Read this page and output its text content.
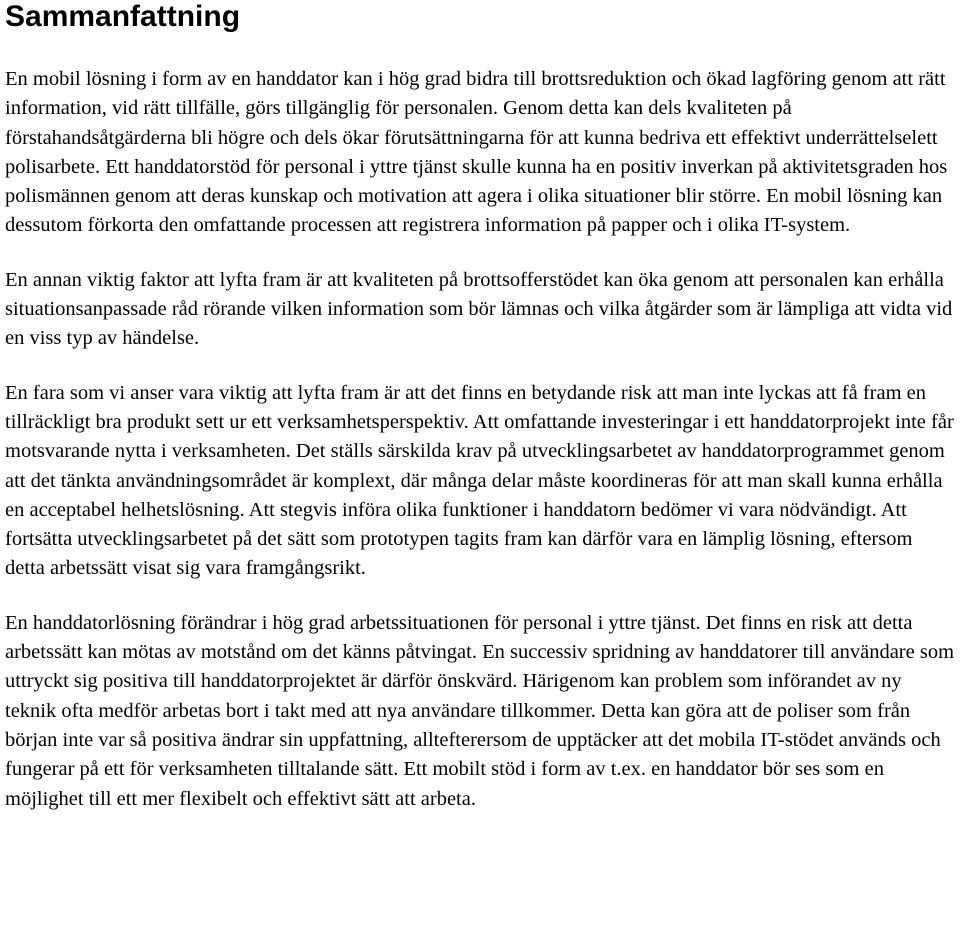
Sammanfattning

En mobil lösning i form av en handdator kan i hög grad bidra till brottsreduktion och ökad lagföring genom att rätt information, vid rätt tillfälle, görs tillgänglig för personalen. Genom detta kan dels kvaliteten på förstahandsåtgärderna bli högre och dels ökar förutsättningarna för att kunna bedriva ett effektivt underrättelselett polisarbete. Ett handdatorstöd för personal i yttre tjänst skulle kunna ha en positiv inverkan på aktivitetsgraden hos polismännen genom att deras kunskap och motivation att agera i olika situationer blir större. En mobil lösning kan dessutom förkorta den omfattande processen att registrera information på papper och i olika IT-system.

En annan viktig faktor att lyfta fram är att kvaliteten på brottsofferstödet kan öka genom att personalen kan erhålla situationsanpassade råd rörande vilken information som bör lämnas och vilka åtgärder som är lämpliga att vidta vid en viss typ av händelse.

En fara som vi anser vara viktig att lyfta fram är att det finns en betydande risk att man inte lyckas att få fram en tillräckligt bra produkt sett ur ett verksamhetsperspektiv. Att omfattande investeringar i ett handdatorprojekt inte får motsvarande nytta i verksamheten. Det ställs särskilda krav på utvecklingsarbetet av handdatorprogrammet genom att det tänkta användningsområdet är komplext, där många delar måste koordineras för att man skall kunna erhålla en acceptabel helhetslösning. Att stegvis införa olika funktioner i handdatorn bedömer vi vara nödvändigt. Att fortsätta utvecklingsarbetet på det sätt som prototypen tagits fram kan därför vara en lämplig lösning, eftersom detta arbetssätt visat sig vara framgångsrikt.

En handdatorlösning förändrar i hög grad arbetssituationen för personal i yttre tjänst. Det finns en risk att detta arbetssätt kan mötas av motstånd om det känns påtvingat. En successiv spridning av handdatorer till användare som uttryckt sig positiva till handdatorprojektet är därför önskvärd. Härigenom kan problem som införandet av ny teknik ofta medför arbetas bort i takt med att nya användare tillkommer. Detta kan göra att de poliser som från början inte var så positiva ändrar sin uppfattning, alltefterersom de upptäcker att det mobila IT-stödet används och fungerar på ett för verksamheten tilltalande sätt. Ett mobilt stöd i form av t.ex. en handdator bör ses som en möjlighet till ett mer flexibelt och effektivt sätt att arbeta.
